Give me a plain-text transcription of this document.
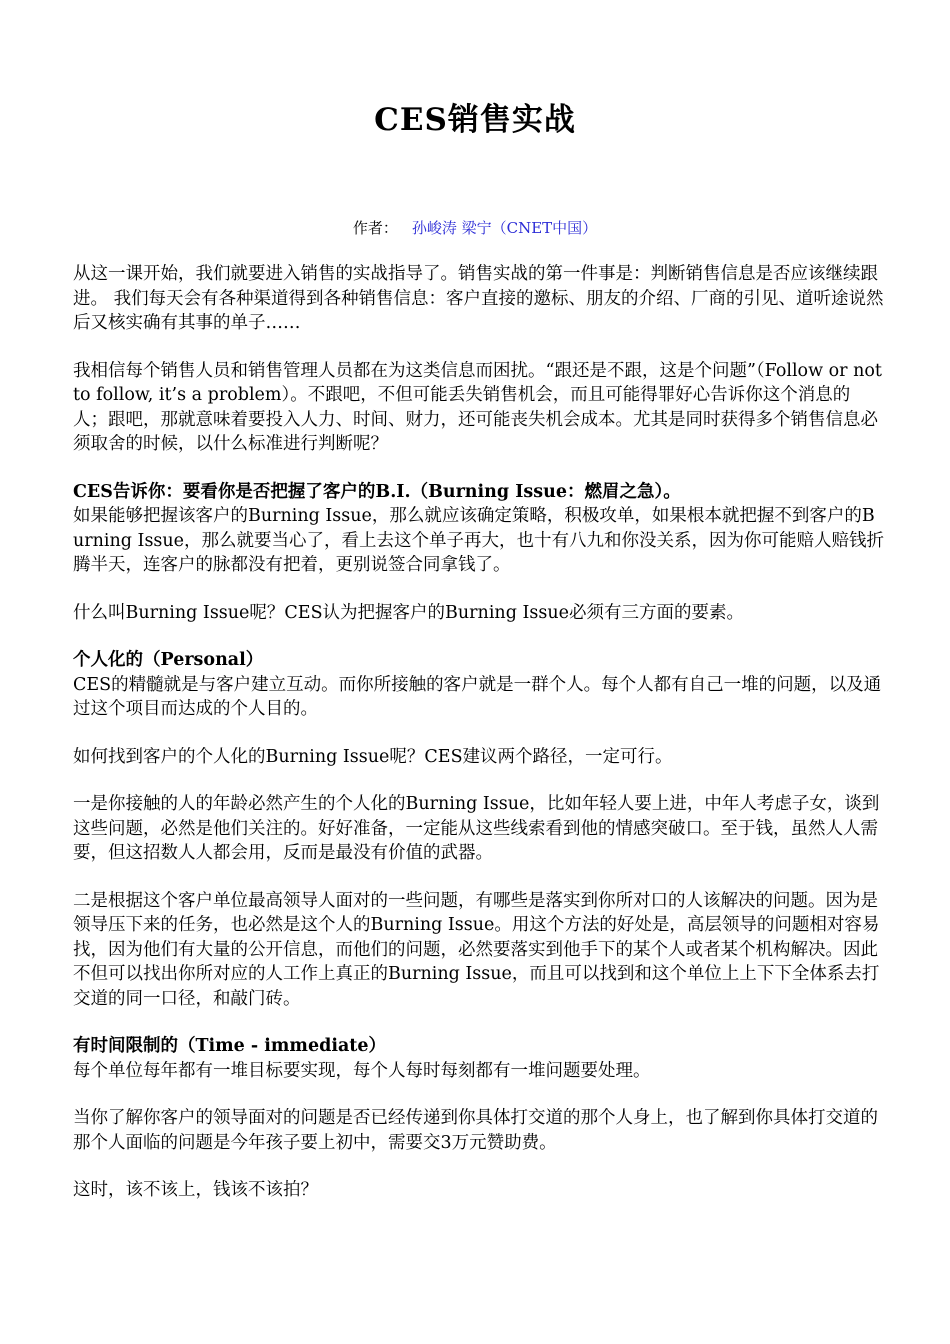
CES销售实战
作者： 孙峻涛 梁宁（CNET中国）

从这一课开始，我们就要进入销售的实战指导了。销售实战的第一件事是：判断销售信息是否应该继续跟进。 我们每天会有各种渠道得到各种销售信息：客户直接的邀标、朋友的介绍、厂商的引见、道听途说然后又核实确有其事的单子……

我相信每个销售人员和销售管理人员都在为这类信息而困扰。“跟还是不跟，这是个问题”（Follow or not to follow, it’s a problem）。不跟吧，不但可能丢失销售机会，而且可能得罪好心告诉你这个消息的人；跟吧，那就意味着要投入人力、时间、财力，还可能丧失机会成本。尤其是同时获得多个销售信息必须取舍的时候，以什么标准进行判断呢？

CES告诉你：要看你是否把握了客户的B.I.（Burning Issue：燃眉之急）。

如果能够把握该客户的Burning Issue，那么就应该确定策略，积极攻单，如果根本就把握不到客户的Burning Issue，那么就要当心了，看上去这个单子再大，也十有八九和你没关系，因为你可能赔人赔钱折腾半天，连客户的脉都没有把着，更别说签合同拿钱了。

什么叫Burning Issue呢？CES认为把握客户的Burning Issue必须有三方面的要素。

个人化的（Personal）

CES的精髓就是与客户建立互动。而你所接触的客户就是一群个人。每个人都有自己一堆的问题，以及通过这个项目而达成的个人目的。

如何找到客户的个人化的Burning Issue呢？CES建议两个路径，一定可行。

一是你接触的人的年龄必然产生的个人化的Burning Issue，比如年轻人要上进，中年人考虑子女，谈到这些问题，必然是他们关注的。好好准备，一定能从这些线索看到他的情感突破口。至于钱，虽然人人需要，但这招数人人都会用，反而是最没有价值的武器。

二是根据这个客户单位最高领导人面对的一些问题，有哪些是落实到你所对口的人该解决的问题。因为是领导压下来的任务，也必然是这个人的Burning Issue。用这个方法的好处是，高层领导的问题相对容易找，因为他们有大量的公开信息，而他们的问题，必然要落实到他手下的某个人或者某个机构解决。因此不但可以找出你所对应的人工作上真正的Burning Issue，而且可以找到和这个单位上上下下全体系去打交道的同一口径，和敲门砖。

有时间限制的（Time - immediate）

每个单位每年都有一堆目标要实现，每个人每时每刻都有一堆问题要处理。

当你了解你客户的领导面对的问题是否已经传递到你具体打交道的那个人身上，也了解到你具体打交道的那个人面临的问题是今年孩子要上初中，需要交3万元赞助费。

这时，该不该上，钱该不该拍？
